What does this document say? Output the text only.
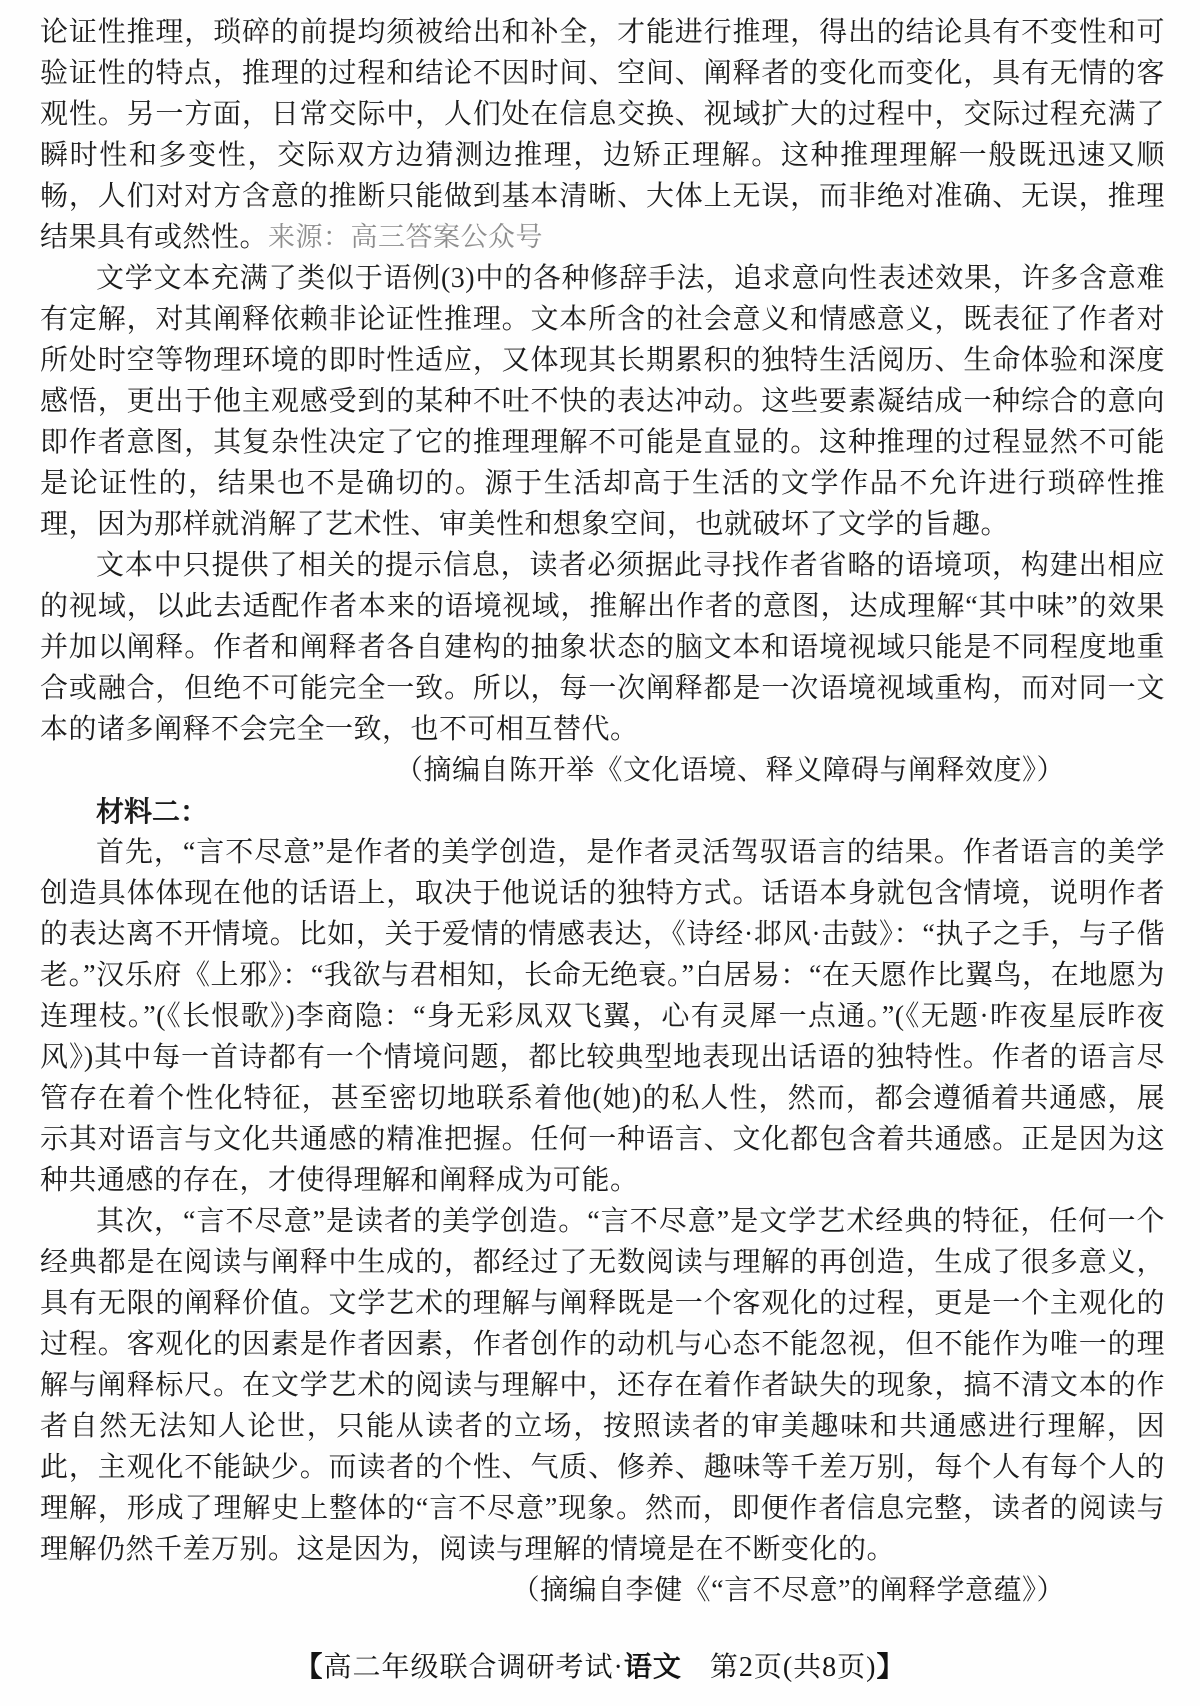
论证性推理，琐碎的前提均须被给出和补全，才能进行推理，得出的结论具有不变性和可验证性的特点，推理的过程和结论不因时间、空间、阐释者的变化而变化，具有无情的客观性。另一方面，日常交际中，人们处在信息交换、视域扩大的过程中，交际过程充满了瞬时性和多变性，交际双方边猜测边推理，边矫正理解。这种推理理解一般既迅速又顺畅，人们对对方含意的推断只能做到基本清晰、大体上无误，而非绝对准确、无误，推理结果具有或然性。来源：高三答案公众号

文学文本充满了类似于语例(3)中的各种修辞手法，追求意向性表述效果，许多含意难有定解，对其阐释依赖非论证性推理。文本所含的社会意义和情感意义，既表征了作者对所处时空等物理环境的即时性适应，又体现其长期累积的独特生活阅历、生命体验和深度感悟，更出于他主观感受到的某种不吐不快的表达冲动。这些要素凝结成一种综合的意向即作者意图，其复杂性决定了它的推理理解不可能是直显的。这种推理的过程显然不可能是论证性的，结果也不是确切的。源于生活却高于生活的文学作品不允许进行琐碎性推理，因为那样就消解了艺术性、审美性和想象空间，也就破坏了文学的旨趣。

文本中只提供了相关的提示信息，读者必须据此寻找作者省略的语境项，构建出相应的视域，以此去适配作者本来的语境视域，推解出作者的意图，达成理解“其中味”的效果并加以阐释。作者和阐释者各自建构的抽象状态的脑文本和语境视域只能是不同程度地重合或融合，但绝不可能完全一致。所以，每一次阐释都是一次语境视域重构，而对同一文本的诸多阐释不会完全一致，也不可相互替代。

（摘编自陈开举《文化语境、释义障碍与阐释效度》）

材料二：

首先，“言不尽意”是作者的美学创造，是作者灵活驾驭语言的结果。作者语言的美学创造具体体现在他的话语上，取决于他说话的独特方式。话语本身就包含情境，说明作者的表达离不开情境。比如，关于爱情的情感表达，《诗经·邶风·击鼓》：“执子之手，与子偕老。”汉乐府《上邪》：“我欲与君相知，长命无绝衰。”白居易：“在天愿作比翼鸟，在地愿为连理枝。”(《长恨歌》)李商隐：“身无彩凤双飞翼，心有灵犀一点通。”(《无题·昨夜星辰昨夜风》)其中每一首诗都有一个情境问题，都比较典型地表现出话语的独特性。作者的语言尽管存在着个性化特征，甚至密切地联系着他(她)的私人性，然而，都会遵循着共通感，展示其对语言与文化共通感的精准把握。任何一种语言、文化都包含着共通感。正是因为这种共通感的存在，才使得理解和阐释成为可能。

其次，“言不尽意”是读者的美学创造。“言不尽意”是文学艺术经典的特征，任何一个经典都是在阅读与阐释中生成的，都经过了无数阅读与理解的再创造，生成了很多意义，具有无限的阐释价值。文学艺术的理解与阐释既是一个客观化的过程，更是一个主观化的过程。客观化的因素是作者因素，作者创作的动机与心态不能忽视，但不能作为唯一的理解与阐释标尺。在文学艺术的阅读与理解中，还存在着作者缺失的现象，搞不清文本的作者自然无法知人论世，只能从读者的立场，按照读者的审美趣味和共通感进行理解，因此，主观化不能缺少。而读者的个性、气质、修养、趣味等千差万别，每个人有每个人的理解，形成了理解史上整体的“言不尽意”现象。然而，即便作者信息完整，读者的阅读与理解仍然千差万别。这是因为，阅读与理解的情境是在不断变化的。

（摘编自李健《“言不尽意”的阐释学意蕴》）

【高二年级联合调研考试·语文 第2页(共8页)】
